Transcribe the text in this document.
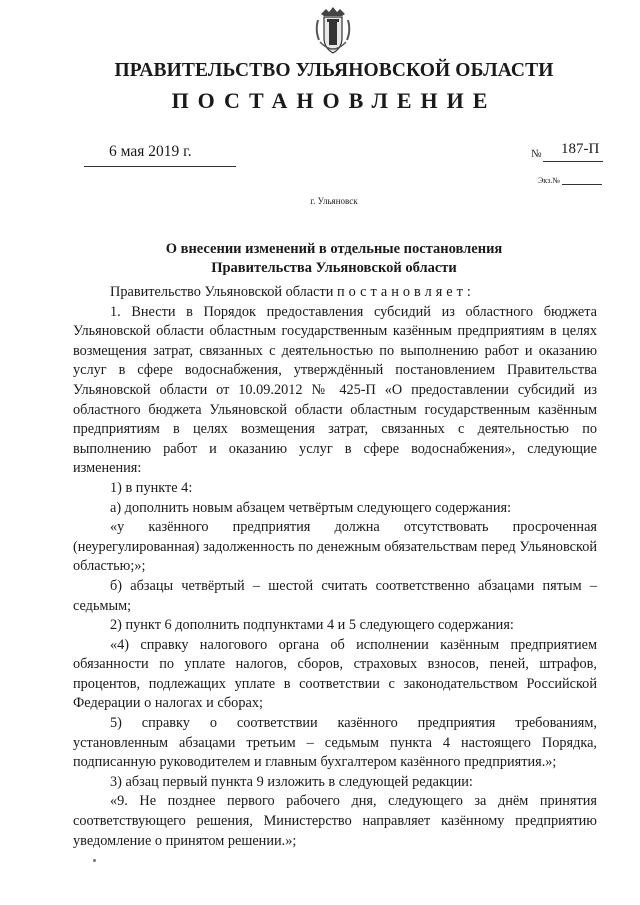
ПРАВИТЕЛЬСТВО УЛЬЯНОВСКОЙ ОБЛАСТИ
ПОСТАНОВЛЕНИЕ
6 мая 2019 г.	№ 187-П
Экз.№
г. Ульяновск
О внесении изменений в отдельные постановления
Правительства Ульяновской области

Правительство Ульяновской области постановляет:

1. Внести в Порядок предоставления субсидий из областного бюджета Ульяновской области областным государственным казённым предприятиям в целях возмещения затрат, связанных с деятельностью по выполнению работ и оказанию услуг в сфере водоснабжения, утверждённый постановлением Правительства Ульяновской области от 10.09.2012 № 425-П «О предоставлении субсидий из областного бюджета Ульяновской области областным государственным казённым предприятиям в целях возмещения затрат, связанных с деятельностью по выполнению работ и оказанию услуг в сфере водоснабжения», следующие изменения:

1) в пункте 4:

а) дополнить новым абзацем четвёртым следующего содержания:

«у казённого предприятия должна отсутствовать просроченная (неурегулированная) задолженность по денежным обязательствам перед Ульяновской областью;»;

б) абзацы четвёртый – шестой считать соответственно абзацами пятым – седьмым;

2) пункт 6 дополнить подпунктами 4 и 5 следующего содержания:

«4) справку налогового органа об исполнении казённым предприятием обязанности по уплате налогов, сборов, страховых взносов, пеней, штрафов, процентов, подлежащих уплате в соответствии с законодательством Российской Федерации о налогах и сборах;

5) справку о соответствии казённого предприятия требованиям, установленным абзацами третьим – седьмым пункта 4 настоящего Порядка, подписанную руководителем и главным бухгалтером казённого предприятия.»;

3) абзац первый пункта 9 изложить в следующей редакции:

«9. Не позднее первого рабочего дня, следующего за днём принятия соответствующего решения, Министерство направляет казённому предприятию уведомление о принятом решении.»;
